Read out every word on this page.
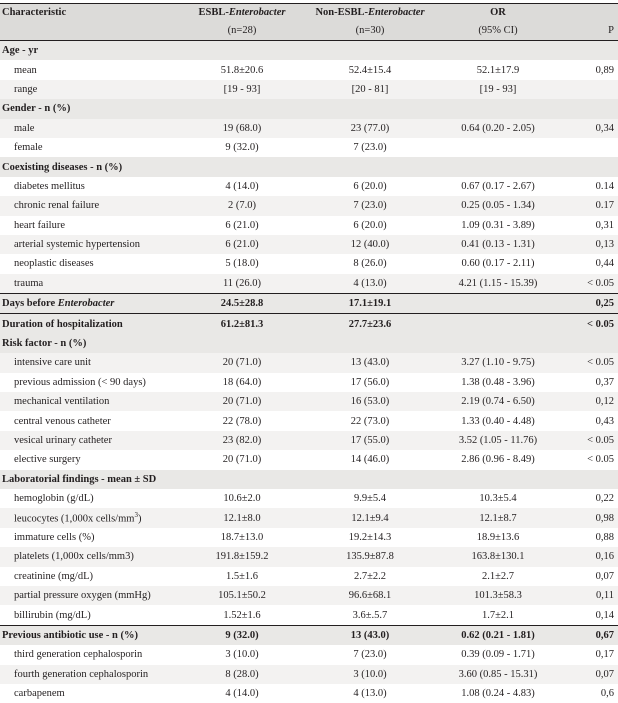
Characteristic	ESBL-Enterobacter	Non-ESBL-Enterobacter	OR	
	(n=28)	(n=30)	(95% CI)	P
Age - yr				
mean	51.8±20.6	52.4±15.4	52.1±17.9	0,89
range	[19 - 93]	[20 - 81]	[19 - 93]	
Gender - n (%)				
male	19 (68.0)	23 (77.0)	0.64 (0.20 - 2.05)	0,34
female	9 (32.0)	7 (23.0)		
Coexisting diseases - n (%)				
diabetes mellitus	4 (14.0)	6 (20.0)	0.67 (0.17 - 2.67)	0.14
chronic renal failure	2 (7.0)	7 (23.0)	0.25 (0.05 - 1.34)	0.17
heart failure	6 (21.0)	6 (20.0)	1.09 (0.31 - 3.89)	0,31
arterial systemic hypertension	6 (21.0)	12 (40.0)	0.41 (0.13 - 1.31)	0,13
neoplastic diseases	5 (18.0)	8 (26.0)	0.60 (0.17 - 2.11)	0,44
trauma	11 (26.0)	4 (13.0)	4.21 (1.15 - 15.39)	< 0.05
Days before Enterobacter	24.5±28.8	17.1±19.1		0,25
Duration of hospitalization	61.2±81.3	27.7±23.6		< 0.05
Risk factor - n (%)				
intensive care unit	20 (71.0)	13 (43.0)	3.27 (1.10 - 9.75)	< 0.05
previous admission (< 90 days)	18 (64.0)	17 (56.0)	1.38 (0.48 - 3.96)	0,37
mechanical ventilation	20 (71.0)	16 (53.0)	2.19 (0.74 - 6.50)	0,12
central venous catheter	22 (78.0)	22 (73.0)	1.33 (0.40 - 4.48)	0,43
vesical urinary catheter	23 (82.0)	17 (55.0)	3.52 (1.05 - 11.76)	< 0.05
elective surgery	20 (71.0)	14 (46.0)	2.86 (0.96 - 8.49)	< 0.05
Laboratorial findings - mean ± SD				
hemoglobin (g/dL)	10.6±2.0	9.9±5.4	10.3±5.4	0,22
leucocytes (1,000x cells/$mm^3$)	12.1±8.0	12.1±9.4	12.1±8.7	0,98
immature cells (%)	18.7±13.0	19.2±14.3	18.9±13.6	0,88
platelets (1,000x cells/mm3)	191.8±159.2	135.9±87.8	163.8±130.1	0,16
creatinine (mg/dL)	1.5±1.6	2.7±2.2	2.1±2.7	0,07
partial pressure oxygen (mmHg)	105.1±50.2	96.6±68.1	101.3±58.3	0,11
billirubin (mg/dL)	1.52±1.6	3.6±.5.7	1.7±2.1	0,14
Previous antibiotic use - n (%)	9 (32.0)	13 (43.0)	0.62 (0.21 - 1.81)	0,67
third generation cephalosporin	3 (10.0)	7 (23.0)	0.39 (0.09 - 1.71)	0,17
fourth generation cephalosporin	8 (28.0)	3 (10.0)	3.60 (0.85 - 15.31)	0,07
carbapenem	4 (14.0)	4 (13.0)	1.08 (0.24 - 4.83)	0,6
